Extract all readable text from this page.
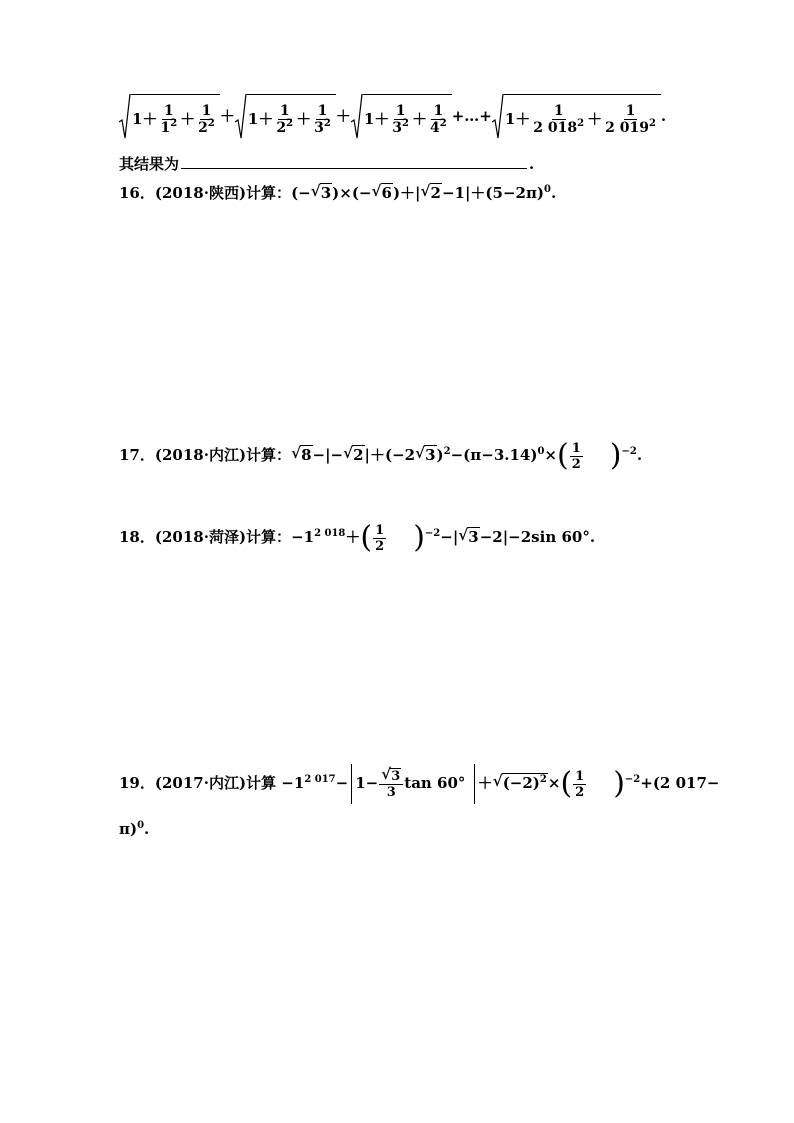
$1+ \frac{1}{1^2} + \frac{1}{2^2} + 1+ \frac{1}{2^2} + \frac{1}{3^2} + 1+ \frac{1}{3^2} + \frac{1}{4^2}$ +…+ $1+ \frac{1}{2 018^2} + \frac{1}{2 019^2}$ .
其结果为	.
16．(2018·陕西)计算：(− √ 3)×(− √ 6)＋| √ $2-1|+(5-2\pi)^0$.
17．(2018·内江)计算： √ 8−|− √ 2|＋(−2 √ $3)^2-(\pi-3.14)^0\times( \frac{1}{2} )^{-2}$.
18．(2018·菏泽)计算：$-1^{2 018}+( \frac{1}{2} )^{-2}-|$ √ 3−2|−2sin 60°.
19．(2017·内江)计算 $-1^{2 017}- 1- \frac{√ 3}{3}$ tan 60° ＋ √ $(-2)^2\times( \frac{1}{2} )^{-2}+(2$ 017−
π)$^0$.
